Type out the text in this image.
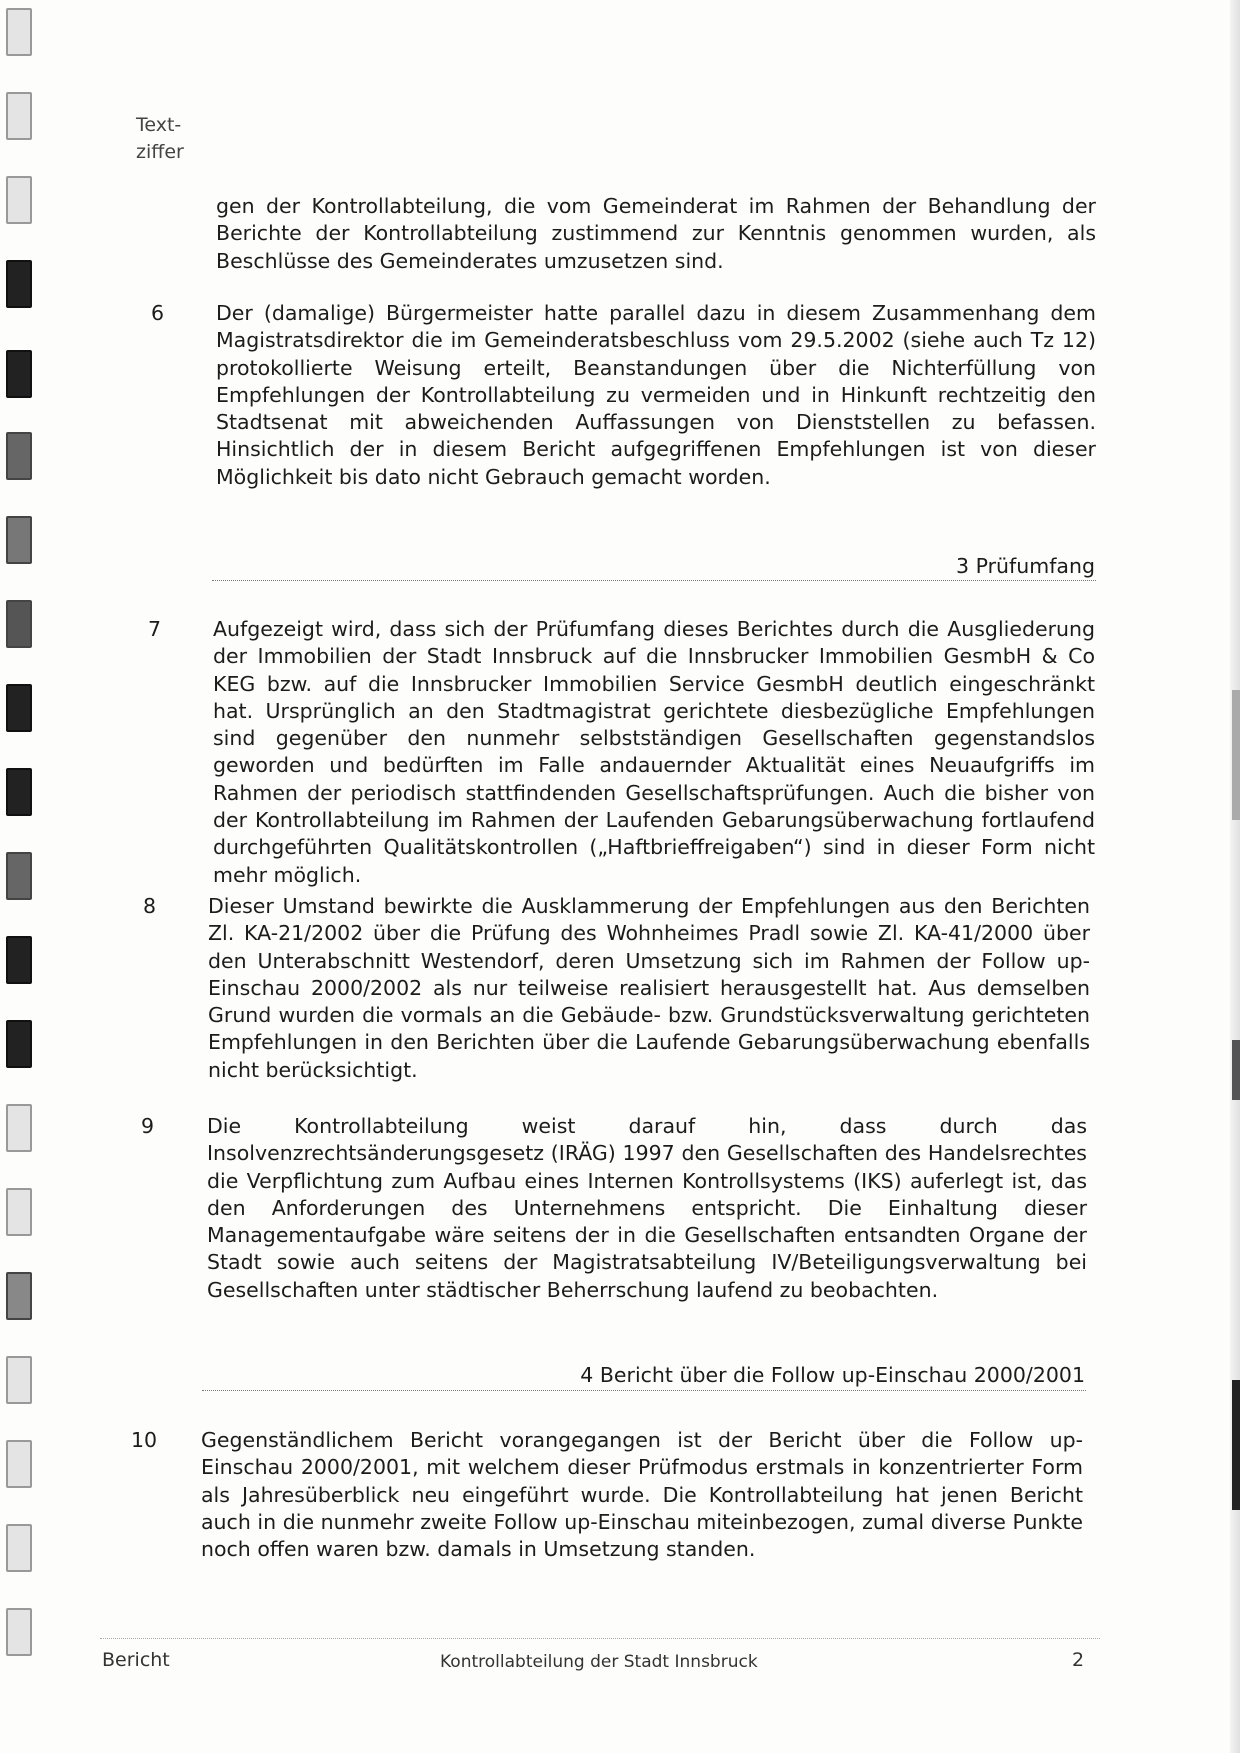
Text-
ziffer
gen der Kontrollabteilung, die vom Gemeinderat im Rahmen der Behandlung der Berichte der Kontrollabteilung zustimmend zur Kenntnis genommen wurden, als Beschlüsse des Gemeinderates umzusetzen sind.
6	Der (damalige) Bürgermeister hatte parallel dazu in diesem Zusammenhang dem Magistratsdirektor die im Gemeinderatsbeschluss vom 29.5.2002 (siehe auch Tz 12) protokollierte Weisung erteilt, Beanstandungen über die Nichterfüllung von Empfehlungen der Kontrollabteilung zu vermeiden und in Hinkunft rechtzeitig den Stadtsenat mit abweichenden Auffassungen von Dienststellen zu befassen. Hinsichtlich der in diesem Bericht aufgegriffenen Empfehlungen ist von dieser Möglichkeit bis dato nicht Gebrauch gemacht worden.
3 Prüfumfang
7	Aufgezeigt wird, dass sich der Prüfumfang dieses Berichtes durch die Ausgliederung der Immobilien der Stadt Innsbruck auf die Innsbrucker Immobilien GesmbH & Co KEG bzw. auf die Innsbrucker Immobilien Service GesmbH deutlich eingeschränkt hat. Ursprünglich an den Stadtmagistrat gerichtete diesbezügliche Empfehlungen sind gegenüber den nunmehr selbstständigen Gesellschaften gegenstandslos geworden und bedürften im Falle andauernder Aktualität eines Neuaufgriffs im Rahmen der periodisch stattfindenden Gesellschaftsprüfungen. Auch die bisher von der Kontrollabteilung im Rahmen der Laufenden Gebarungsüberwachung fortlaufend durchgeführten Qualitätskontrollen („Haftbrieffreigaben“) sind in dieser Form nicht mehr möglich.
8	Dieser Umstand bewirkte die Ausklammerung der Empfehlungen aus den Berichten Zl. KA-21/2002 über die Prüfung des Wohnheimes Pradl sowie Zl. KA-41/2000 über den Unterabschnitt Westendorf, deren Umsetzung sich im Rahmen der Follow up-Einschau 2000/2002 als nur teilweise realisiert herausgestellt hat. Aus demselben Grund wurden die vormals an die Gebäude- bzw. Grundstücksverwaltung gerichteten Empfehlungen in den Berichten über die Laufende Gebarungsüberwachung ebenfalls nicht berücksichtigt.
9	Die Kontrollabteilung weist darauf hin, dass durch das Insolvenzrechtsänderungsgesetz (IRÄG) 1997 den Gesellschaften des Handelsrechtes die Verpflichtung zum Aufbau eines Internen Kontrollsystems (IKS) auferlegt ist, das den Anforderungen des Unternehmens entspricht. Die Einhaltung dieser Managementaufgabe wäre seitens der in die Gesellschaften entsandten Organe der Stadt sowie auch seitens der Magistratsabteilung IV/Beteiligungsverwaltung bei Gesellschaften unter städtischer Beherrschung laufend zu beobachten.
4 Bericht über die Follow up-Einschau 2000/2001
10 Gegenständlichem Bericht vorangegangen ist der Bericht über die Follow up-Einschau 2000/2001, mit welchem dieser Prüfmodus erstmals in konzentrierter Form als Jahresüberblick neu eingeführt wurde. Die Kontrollabteilung hat jenen Bericht auch in die nunmehr zweite Follow up-Einschau miteinbezogen, zumal diverse Punkte noch offen waren bzw. damals in Umsetzung standen.
Bericht	Kontrollabteilung der Stadt Innsbruck	2
